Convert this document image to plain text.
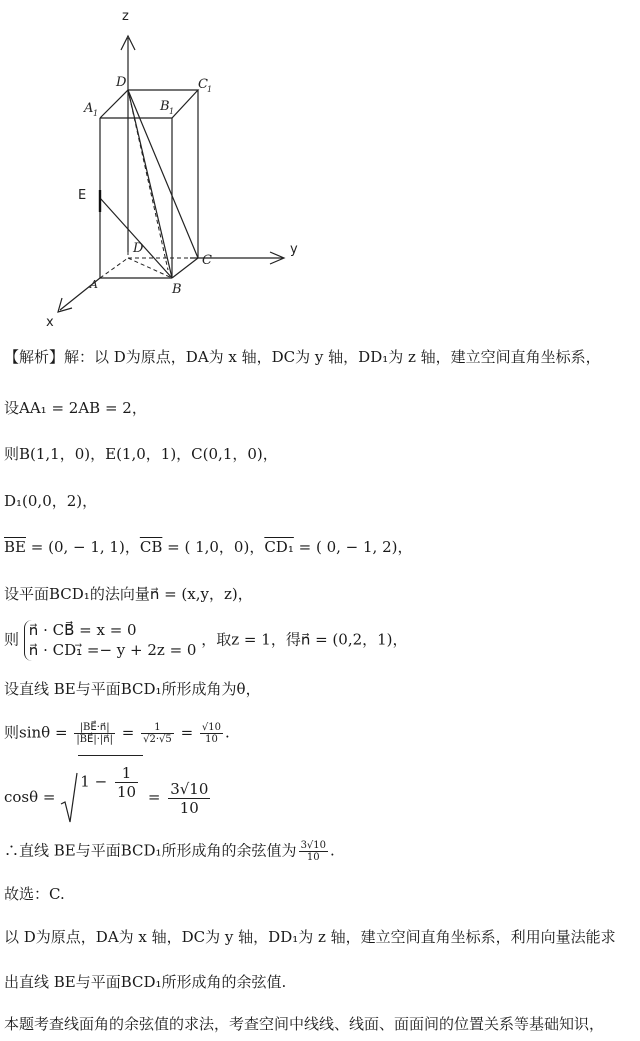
z
y
x
D	C 1
A 1	B 1
E
D
C
B
A
【解析】解：以 D为原点，DA为 x 轴，DC为 y 轴，DD₁为 z 轴，建立空间直角坐标系，
设AA₁ = 2AB = 2，
则B(1,1，0)，E(1,0，1)，C(0,1，0)，
D₁(0,0，2)，
$\overline{BE} = (0$, − 1, 1)，$\overline{CB}$ = ( 1,0，0)，CD₁ = ( 0, − 1, 2)，
设平面BCD₁的法向量n⃗ = (x,y，z)，
则
n⃗ · CB⃗ = x = 0
n⃗ · CD₁⃗ =− y + 2z = 0
，取z = 1，得n⃗ = (0,2，1)，
设直线 BE与平面BCD₁所形成角为θ，
则$\sin\theta = \frac{|BE⃗\cdot n⃗|}{|BE⃗|\cdot|n⃗|} = \frac{1}{√2\cdot√5} = \frac{√10}{10}$ .
$\cos\theta = 1 - \frac{1}{10} = \frac{3√10}{10}$
∴直线 BE与平面BCD₁所形成角的余弦值为 $\frac{3√10}{10}$ .
故选：C.
以 D为原点，DA为 x 轴，DC为 y 轴，DD₁为 z 轴，建立空间直角坐标系，利用向量法能求
出直线 BE与平面BCD₁所形成角的余弦值.
本题考查线面角的余弦值的求法，考查空间中线线、线面、面面间的位置关系等基础知识，
